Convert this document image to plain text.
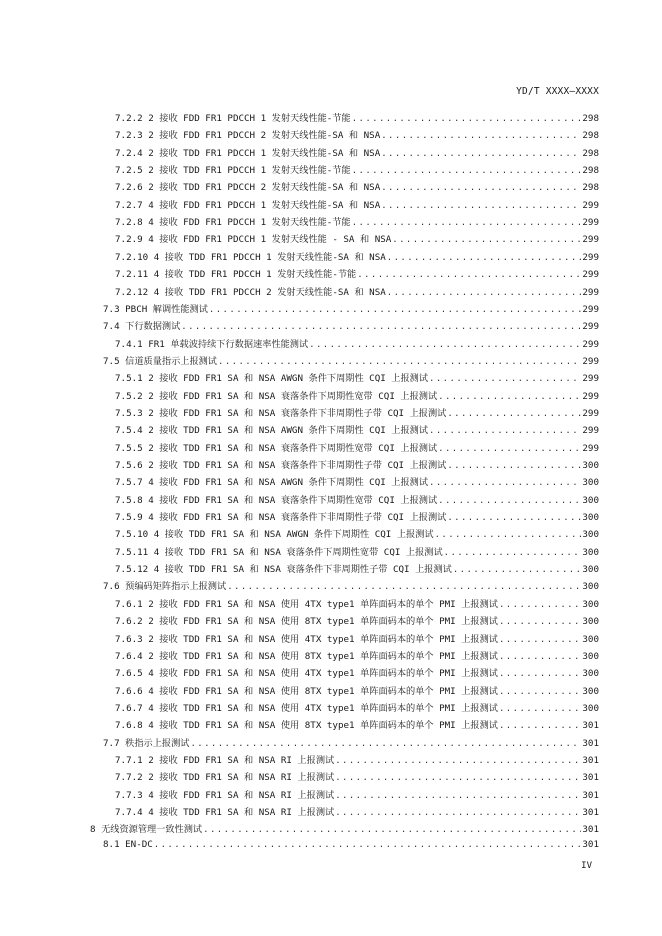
YD/T XXXX—XXXX
7.2.2 2 接收 FDD FR1 PDCCH 1 发射天线性能-节能 .....	298
7.2.3 2 接收 FDD FR1 PDCCH 2 发射天线性能-SA 和 NSA .....	298
7.2.4 2 接收 TDD FR1 PDCCH 1 发射天线性能-SA 和 NSA .....	298
7.2.5 2 接收 TDD FR1 PDCCH 1 发射天线性能-节能 .....	298
7.2.6 2 接收 TDD FR1 PDCCH 2 发射天线性能-SA 和 NSA .....	298
7.2.7 4 接收 FDD FR1 PDCCH 1 发射天线性能-SA 和 NSA .....	299
7.2.8 4 接收 FDD FR1 PDCCH 1 发射天线性能-节能 .....	299
7.2.9 4 接收 FDD FR1 PDCCH 1 发射天线性能 - SA 和 NSA .....	299
7.2.10 4 接收 TDD FR1 PDCCH 1 发射天线性能-SA 和 NSA .....	299
7.2.11 4 接收 TDD FR1 PDCCH 1 发射天线性能-节能 .....	299
7.2.12 4 接收 TDD FR1 PDCCH 2 发射天线性能-SA 和 NSA .....	299
7.3 PBCH 解调性能测试 .....	299
7.4 下行数据测试 .....	299
7.4.1 FR1 单载波持续下行数据速率性能测试 .....	299
7.5 信道质量指示上报测试 .....	299
7.5.1 2 接收 FDD FR1 SA 和 NSA AWGN 条件下周期性 CQI 上报测试 .....	299
7.5.2 2 接收 FDD FR1 SA 和 NSA 衰落条件下周期性宽带 CQI 上报测试 .....	299
7.5.3 2 接收 FDD FR1 SA 和 NSA 衰落条件下非周期性子带 CQI 上报测试 .....	299
7.5.4 2 接收 TDD FR1 SA 和 NSA AWGN 条件下周期性 CQI 上报测试 .....	299
7.5.5 2 接收 TDD FR1 SA 和 NSA 衰落条件下周期性宽带 CQI 上报测试 .....	299
7.5.6 2 接收 TDD FR1 SA 和 NSA 衰落条件下非周期性子带 CQI 上报测试 .....	300
7.5.7 4 接收 FDD FR1 SA 和 NSA AWGN 条件下周期性 CQI 上报测试 .....	300
7.5.8 4 接收 FDD FR1 SA 和 NSA 衰落条件下周期性宽带 CQI 上报测试 .....	300
7.5.9 4 接收 FDD FR1 SA 和 NSA 衰落条件下非周期性子带 CQI 上报测试 .....	300
7.5.10 4 接收 TDD FR1 SA 和 NSA AWGN 条件下周期性 CQI 上报测试 .....	300
7.5.11 4 接收 TDD FR1 SA 和 NSA 衰落条件下周期性宽带 CQI 上报测试 .....	300
7.5.12 4 接收 TDD FR1 SA 和 NSA 衰落条件下非周期性子带 CQI 上报测试 .....	300
7.6 预编码矩阵指示上报测试 .....	300
7.6.1 2 接收 FDD FR1 SA 和 NSA 使用 4TX type1 单阵面码本的单个 PMI 上报测试 .....	300
7.6.2 2 接收 FDD FR1 SA 和 NSA 使用 8TX type1 单阵面码本的单个 PMI 上报测试 .....	300
7.6.3 2 接收 TDD FR1 SA 和 NSA 使用 4TX type1 单阵面码本的单个 PMI 上报测试 .....	300
7.6.4 2 接收 TDD FR1 SA 和 NSA 使用 8TX type1 单阵面码本的单个 PMI 上报测试 .....	300
7.6.5 4 接收 FDD FR1 SA 和 NSA 使用 4TX type1 单阵面码本的单个 PMI 上报测试 .....	300
7.6.6 4 接收 FDD FR1 SA 和 NSA 使用 8TX type1 单阵面码本的单个 PMI 上报测试 .....	300
7.6.7 4 接收 TDD FR1 SA 和 NSA 使用 4TX type1 单阵面码本的单个 PMI 上报测试 .....	300
7.6.8 4 接收 TDD FR1 SA 和 NSA 使用 8TX type1 单阵面码本的单个 PMI 上报测试 .....	301
7.7 秩指示上报测试 .....	301
7.7.1 2 接收 FDD FR1 SA 和 NSA RI 上报测试 .....	301
7.7.2 2 接收 TDD FR1 SA 和 NSA RI 上报测试 .....	301
7.7.3 4 接收 FDD FR1 SA 和 NSA RI 上报测试 .....	301
7.7.4 4 接收 TDD FR1 SA 和 NSA RI 上报测试 .....	301
8 无线资源管理一致性测试 .....	301
8.1 EN-DC .....	301
IV
